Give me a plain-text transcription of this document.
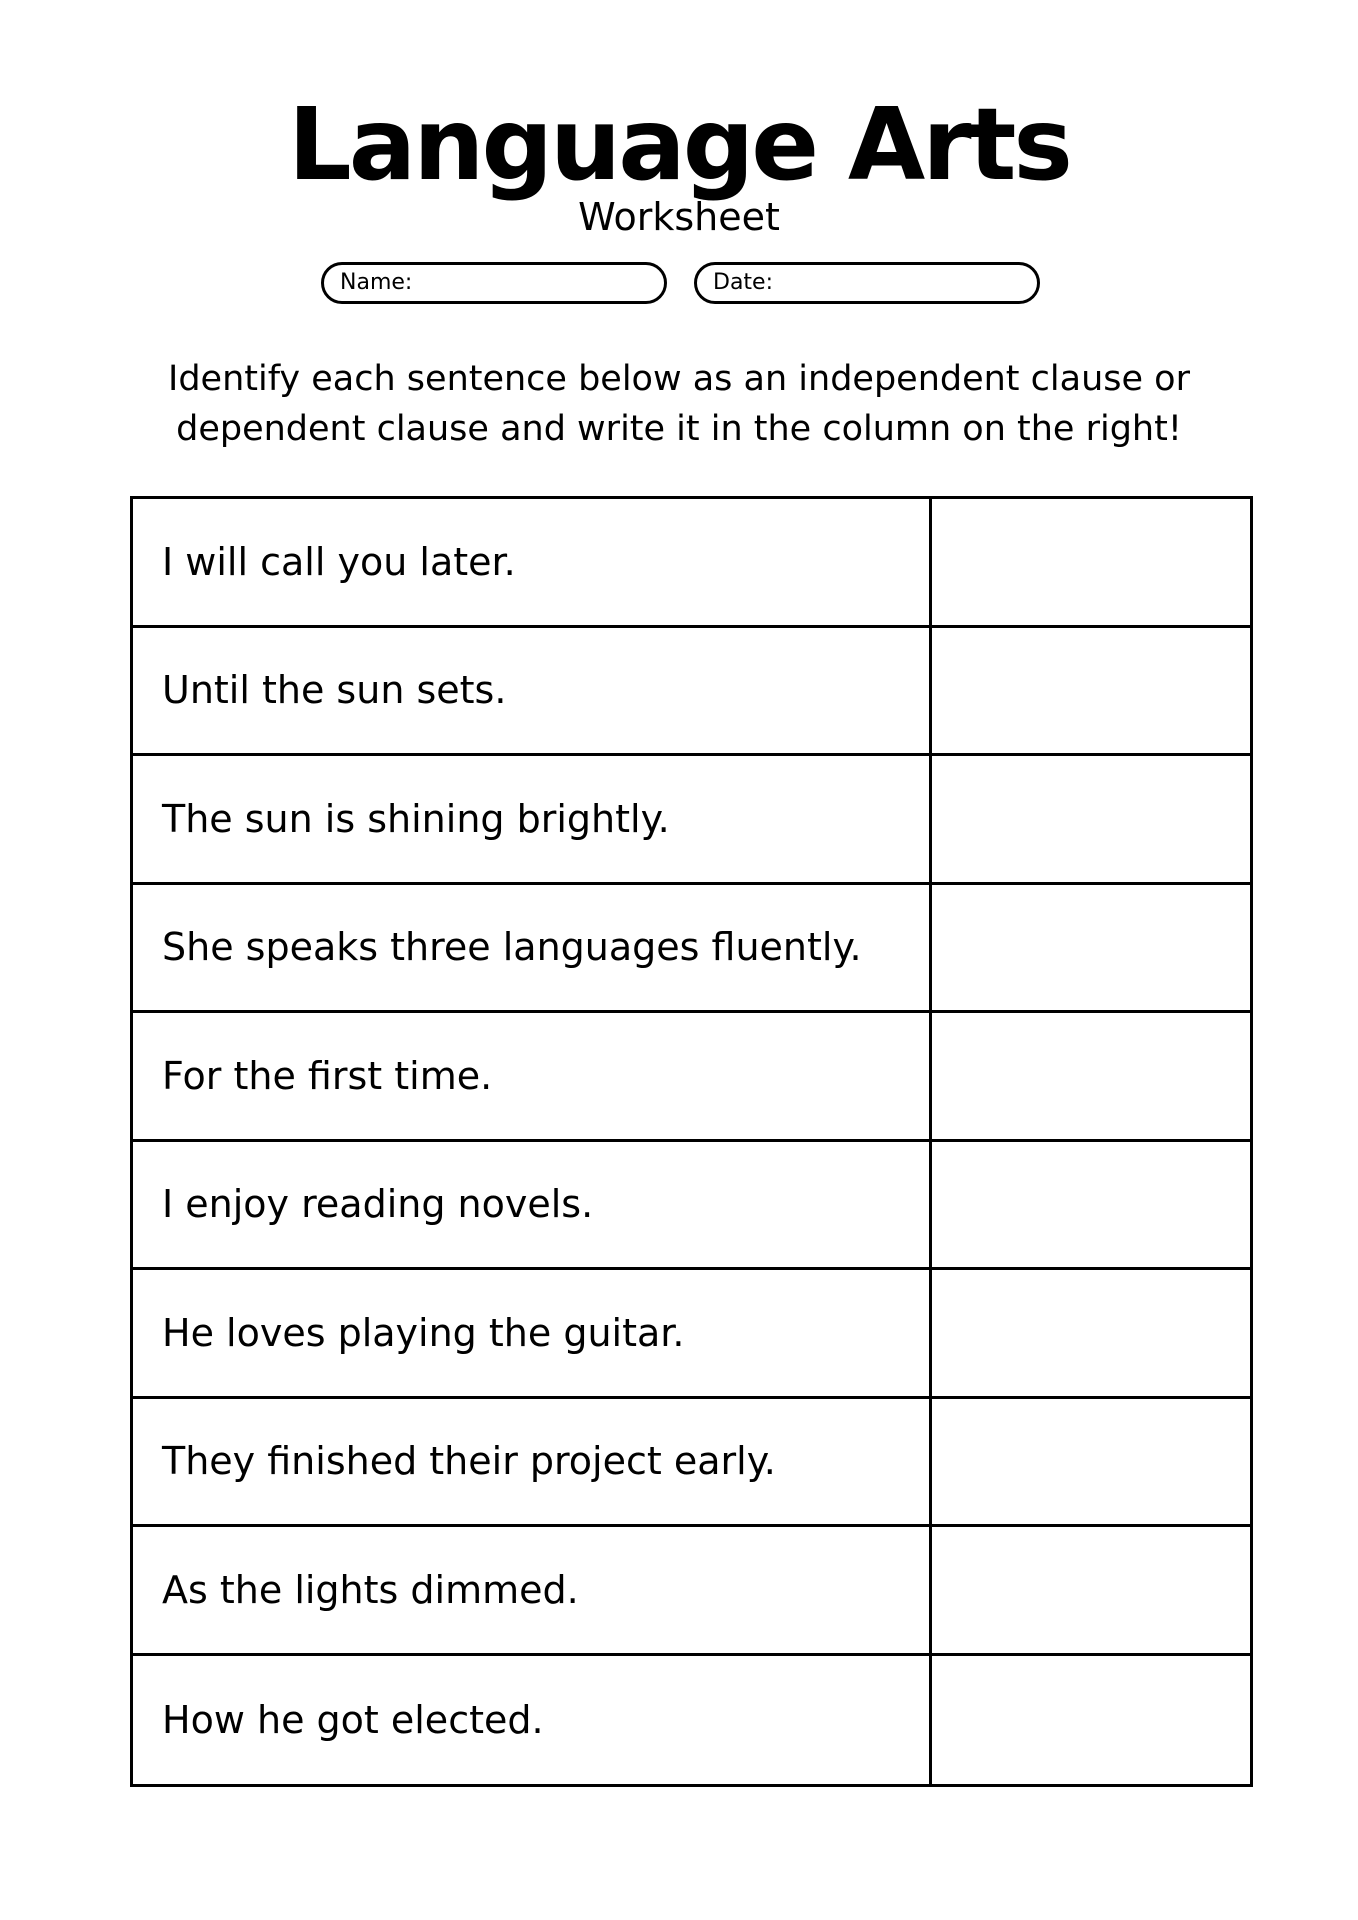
Language Arts
Worksheet
Name:	Date:
Identify each sentence below as an independent clause or dependent clause and write it in the column on the right!
I will call you later.
Until the sun sets.
The sun is shining brightly.
She speaks three languages fluently.
For the first time.
I enjoy reading novels.
He loves playing the guitar.
They finished their project early.
As the lights dimmed.
How he got elected.
